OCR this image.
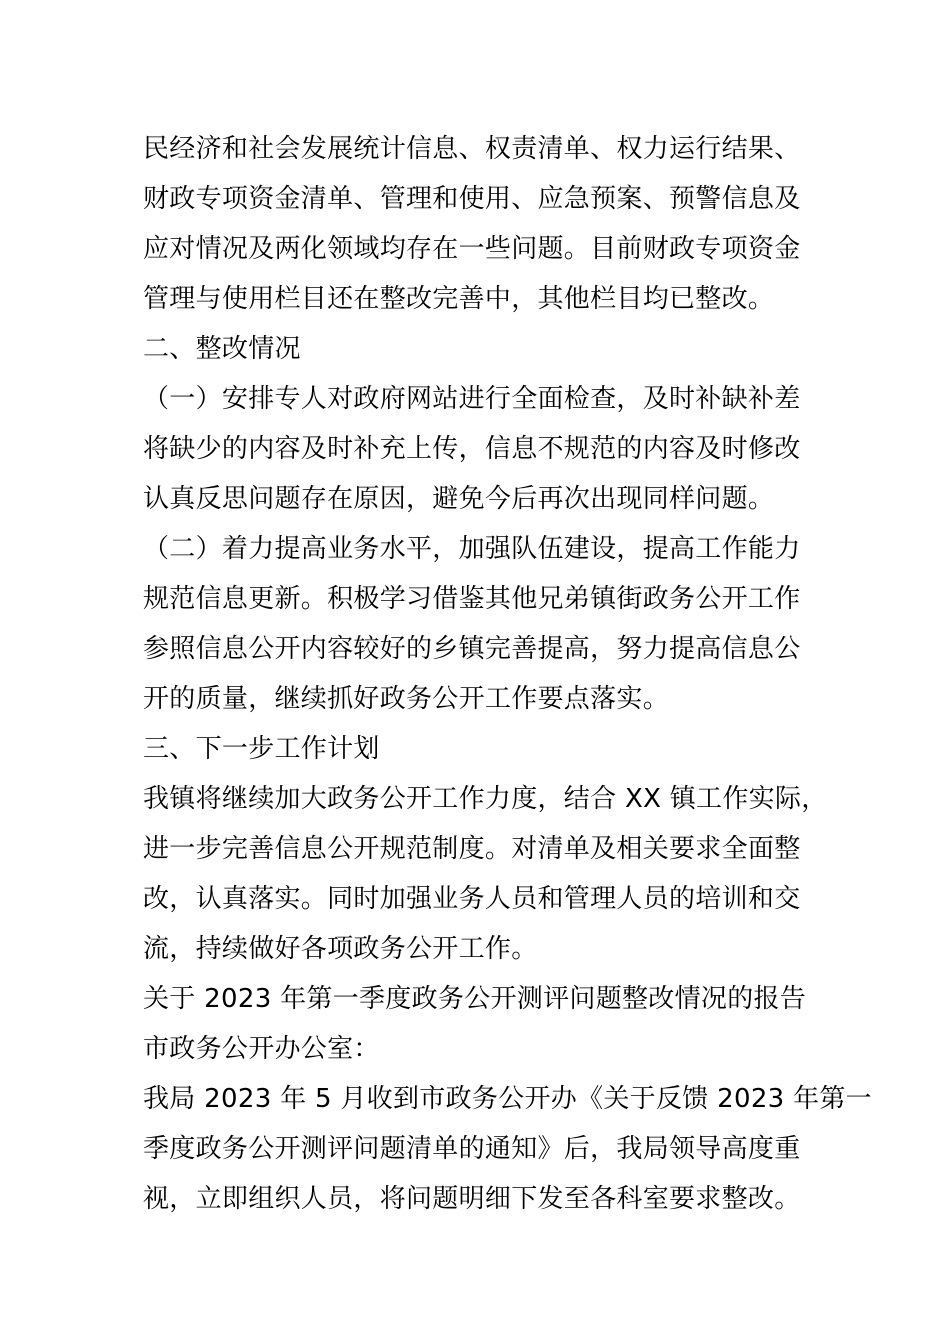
民经济和社会发展统计信息、权责清单、权力运行结果、
财政专项资金清单、管理和使用、应急预案、预警信息及
应对情况及两化领域均存在一些问题。目前财政专项资金
管理与使用栏目还在整改完善中，其他栏目均已整改。
二、整改情况
（一）安排专人对政府网站进行全面检查，及时补缺补差
将缺少的内容及时补充上传，信息不规范的内容及时修改
认真反思问题存在原因，避免今后再次出现同样问题。
（二）着力提高业务水平，加强队伍建设，提高工作能力
规范信息更新。积极学习借鉴其他兄弟镇街政务公开工作
参照信息公开内容较好的乡镇完善提高，努力提高信息公
开的质量，继续抓好政务公开工作要点落实。
三、下一步工作计划
我镇将继续加大政务公开工作力度，结合 XX 镇工作实际，
进一步完善信息公开规范制度。对清单及相关要求全面整
改，认真落实。同时加强业务人员和管理人员的培训和交
流，持续做好各项政务公开工作。
关于 2023 年第一季度政务公开测评问题整改情况的报告
市政务公开办公室：
我局 2023 年 5 月收到市政务公开办《关于反馈 2023 年第一
季度政务公开测评问题清单的通知》后，我局领导高度重
视，立即组织人员，将问题明细下发至各科室要求整改。
